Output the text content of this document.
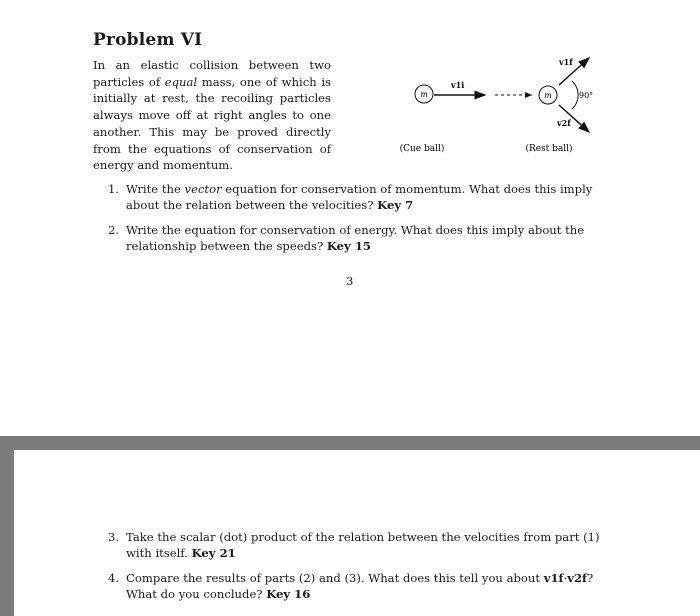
Problem VI

In an elastic collision between two particles of equal mass, one of which is initially at rest, the recoiling particles always move off at right angles to one another. This may be proved directly from the equations of conservation of energy and momentum.

m
v1i
m
v1f
v2f
90°
(Cue ball)	(Rest ball)

1. Write the vector equation for conservation of momentum. What does this imply about the relation between the velocities? Key 7

2. Write the equation for conservation of energy. What does this imply about the relationship between the speeds? Key 15

3

3. Take the scalar (dot) product of the relation between the velocities from part (1) with itself. Key 21

4. Compare the results of parts (2) and (3). What does this tell you about v1f·v2f? What do you conclude? Key 16
